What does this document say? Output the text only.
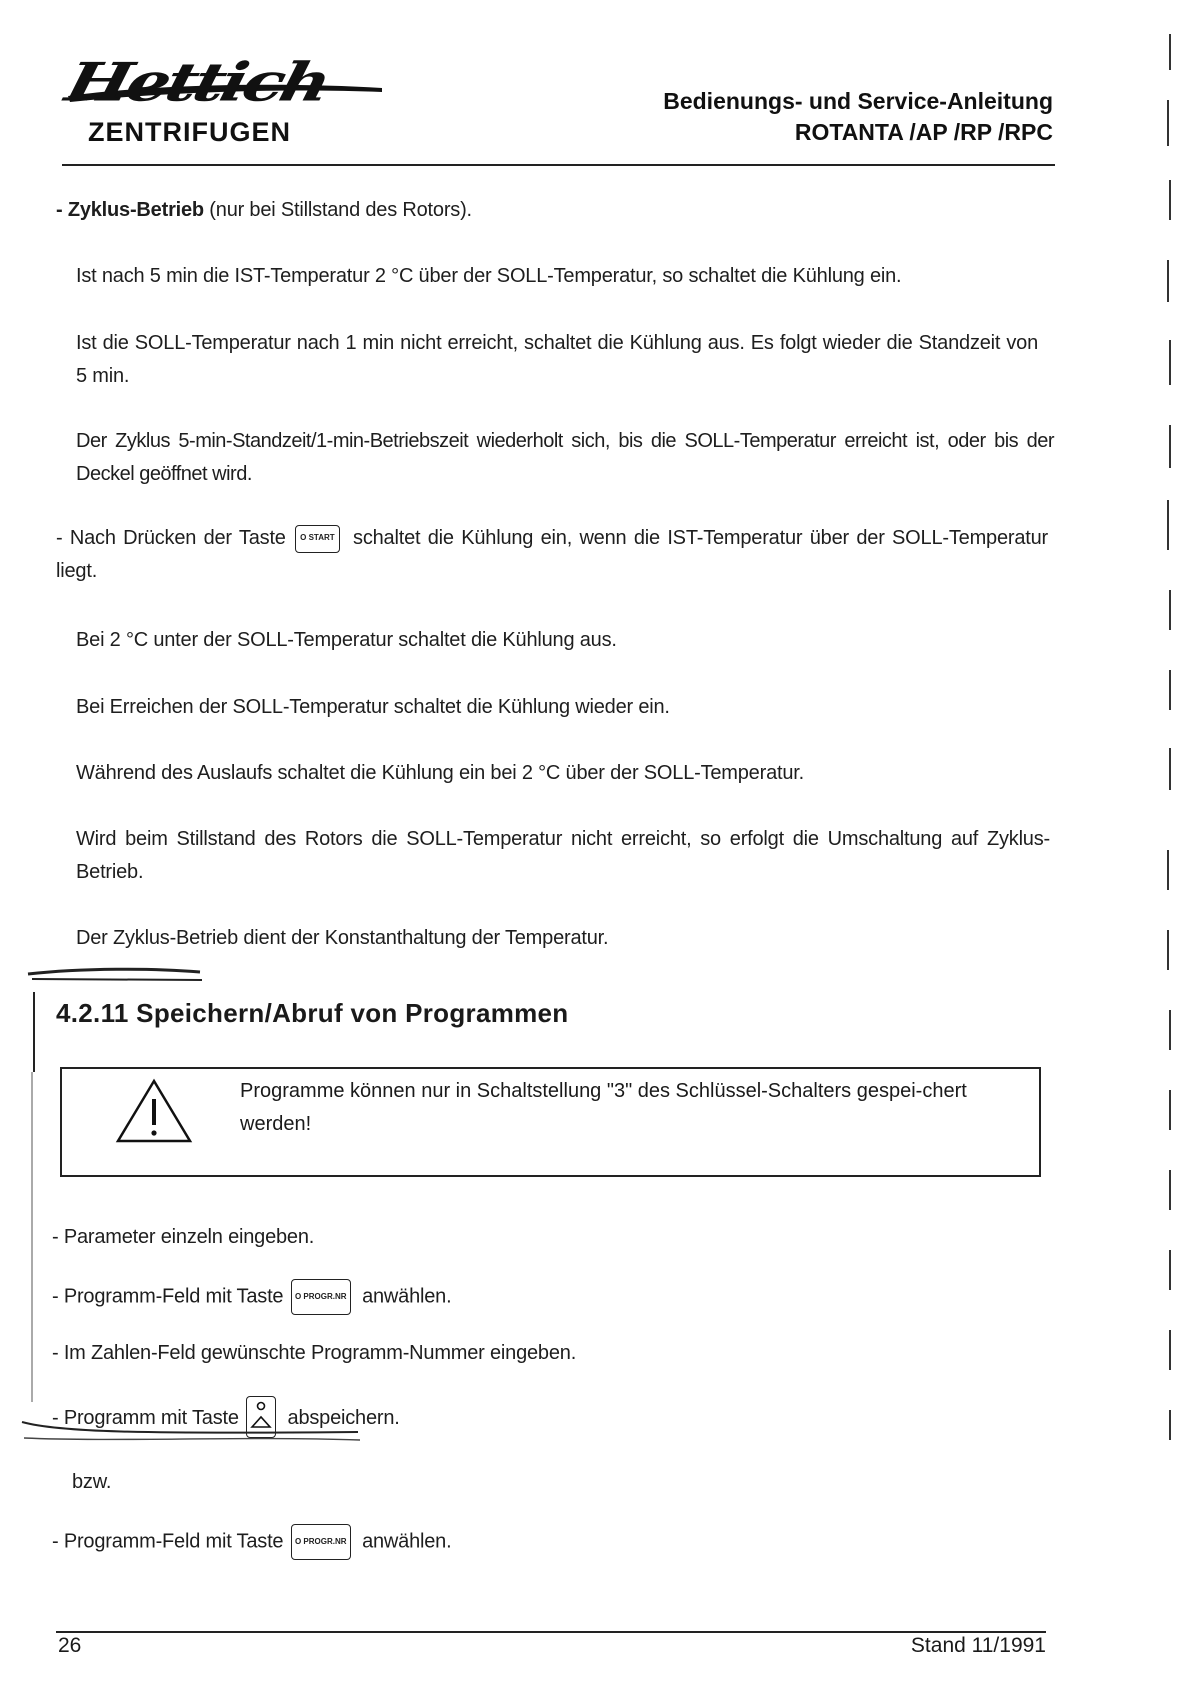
Hettich
ZENTRIFUGEN
Bedienungs- und Service-Anleitung
ROTANTA /AP /RP /RPC
- Zyklus-Betrieb (nur bei Stillstand des Rotors).
Ist nach 5 min die IST-Temperatur 2 °C über der SOLL-Temperatur, so schaltet die Kühlung ein.
Ist die SOLL-Temperatur nach 1 min nicht erreicht, schaltet die Kühlung aus. Es folgt wieder die Standzeit von 5 min.
Der Zyklus 5-min-Standzeit/1-min-Betriebszeit wiederholt sich, bis die SOLL-Temperatur erreicht ist, oder bis der Deckel geöffnet wird.
- Nach Drücken der Taste O START schaltet die Kühlung ein, wenn die IST-Temperatur über der SOLL-Temperatur liegt.
Bei 2 °C unter der SOLL-Temperatur schaltet die Kühlung aus.
Bei Erreichen der SOLL-Temperatur schaltet die Kühlung wieder ein.
Während des Auslaufs schaltet die Kühlung ein bei 2 °C über der SOLL-Temperatur.
Wird beim Stillstand des Rotors die SOLL-Temperatur nicht erreicht, so erfolgt die Umschaltung auf Zyklus-Betrieb.
Der Zyklus-Betrieb dient der Konstanthaltung der Temperatur.
4.2.11 Speichern/Abruf von Programmen
Programme können nur in Schaltstellung "3" des Schlüssel-Schalters gespei-chert werden!
- Parameter einzeln eingeben.
- Programm-Feld mit Taste O PROGR.NR anwählen.
- Im Zahlen-Feld gewünschte Programm-Nummer eingeben.
- Programm mit Taste abspeichern.
bzw.
- Programm-Feld mit Taste O PROGR.NR anwählen.
26	Stand 11/1991
